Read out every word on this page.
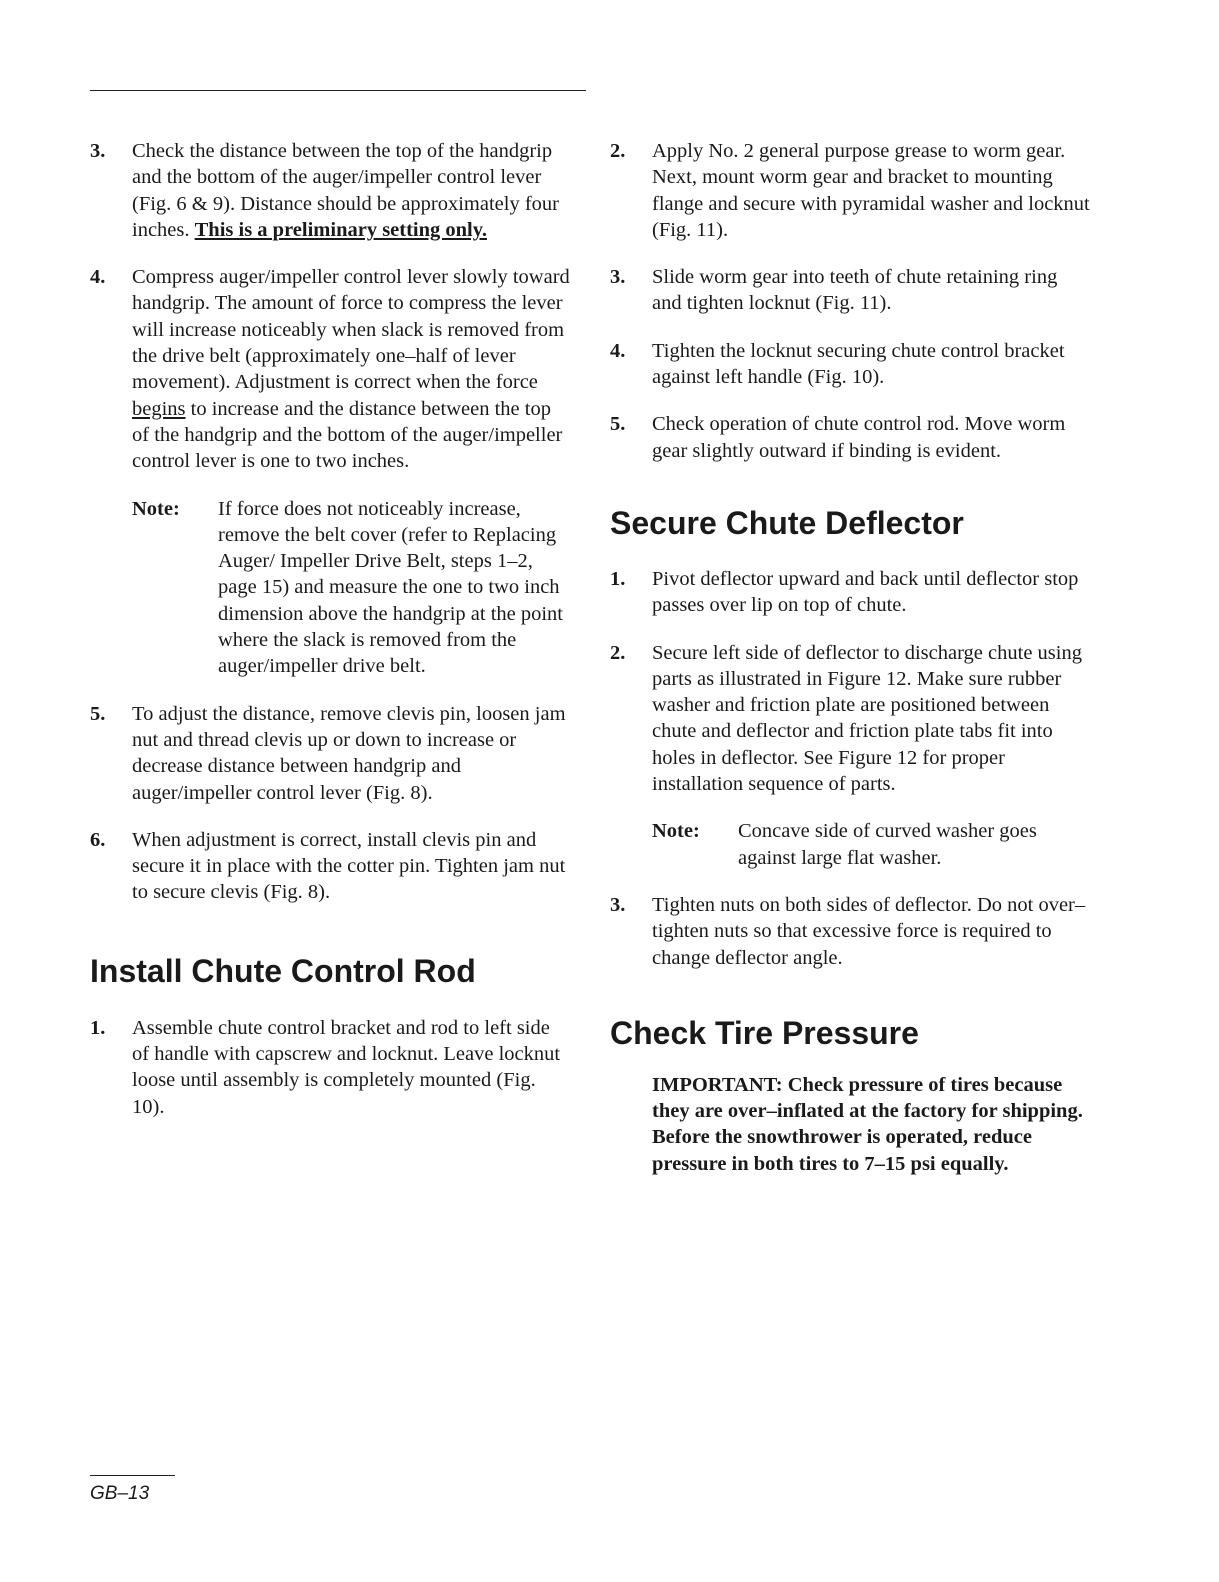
3.	Check the distance between the top of the handgrip and the bottom of the auger/impeller control lever (Fig. 6 & 9). Distance should be approximately four inches. This is a preliminary setting only.
4.	Compress auger/impeller control lever slowly toward handgrip. The amount of force to compress the lever will increase noticeably when slack is removed from the drive belt (approximately one–half of lever movement). Adjustment is correct when the force begins to increase and the distance between the top of the handgrip and the bottom of the auger/impeller control lever is one to two inches.
Note:	If force does not noticeably increase, remove the belt cover (refer to Replacing Auger/ Impeller Drive Belt, steps 1–2, page 15) and measure the one to two inch dimension above the handgrip at the point where the slack is removed from the auger/impeller drive belt.
5.	To adjust the distance, remove clevis pin, loosen jam nut and thread clevis up or down to increase or decrease distance between handgrip and auger/impeller control lever (Fig. 8).
6.	When adjustment is correct, install clevis pin and secure it in place with the cotter pin. Tighten jam nut to secure clevis (Fig. 8).
Install Chute Control Rod
1.	Assemble chute control bracket and rod to left side of handle with capscrew and locknut. Leave locknut loose until assembly is completely mounted (Fig. 10).
2.	Apply No. 2 general purpose grease to worm gear. Next, mount worm gear and bracket to mounting flange and secure with pyramidal washer and locknut (Fig. 11).
3.	Slide worm gear into teeth of chute retaining ring and tighten locknut (Fig. 11).
4.	Tighten the locknut securing chute control bracket against left handle (Fig. 10).
5.	Check operation of chute control rod. Move worm gear slightly outward if binding is evident.
Secure Chute Deflector
1.	Pivot deflector upward and back until deflector stop passes over lip on top of chute.
2.	Secure left side of deflector to discharge chute using parts as illustrated in Figure 12. Make sure rubber washer and friction plate are positioned between chute and deflector and friction plate tabs fit into holes in deflector. See Figure 12 for proper installation sequence of parts.
Note:	Concave side of curved washer goes against large flat washer.
3.	Tighten nuts on both sides of deflector. Do not over–tighten nuts so that excessive force is required to change deflector angle.
Check Tire Pressure
IMPORTANT: Check pressure of tires because they are over–inflated at the factory for shipping. Before the snowthrower is operated, reduce pressure in both tires to 7–15 psi equally.
GB–13
